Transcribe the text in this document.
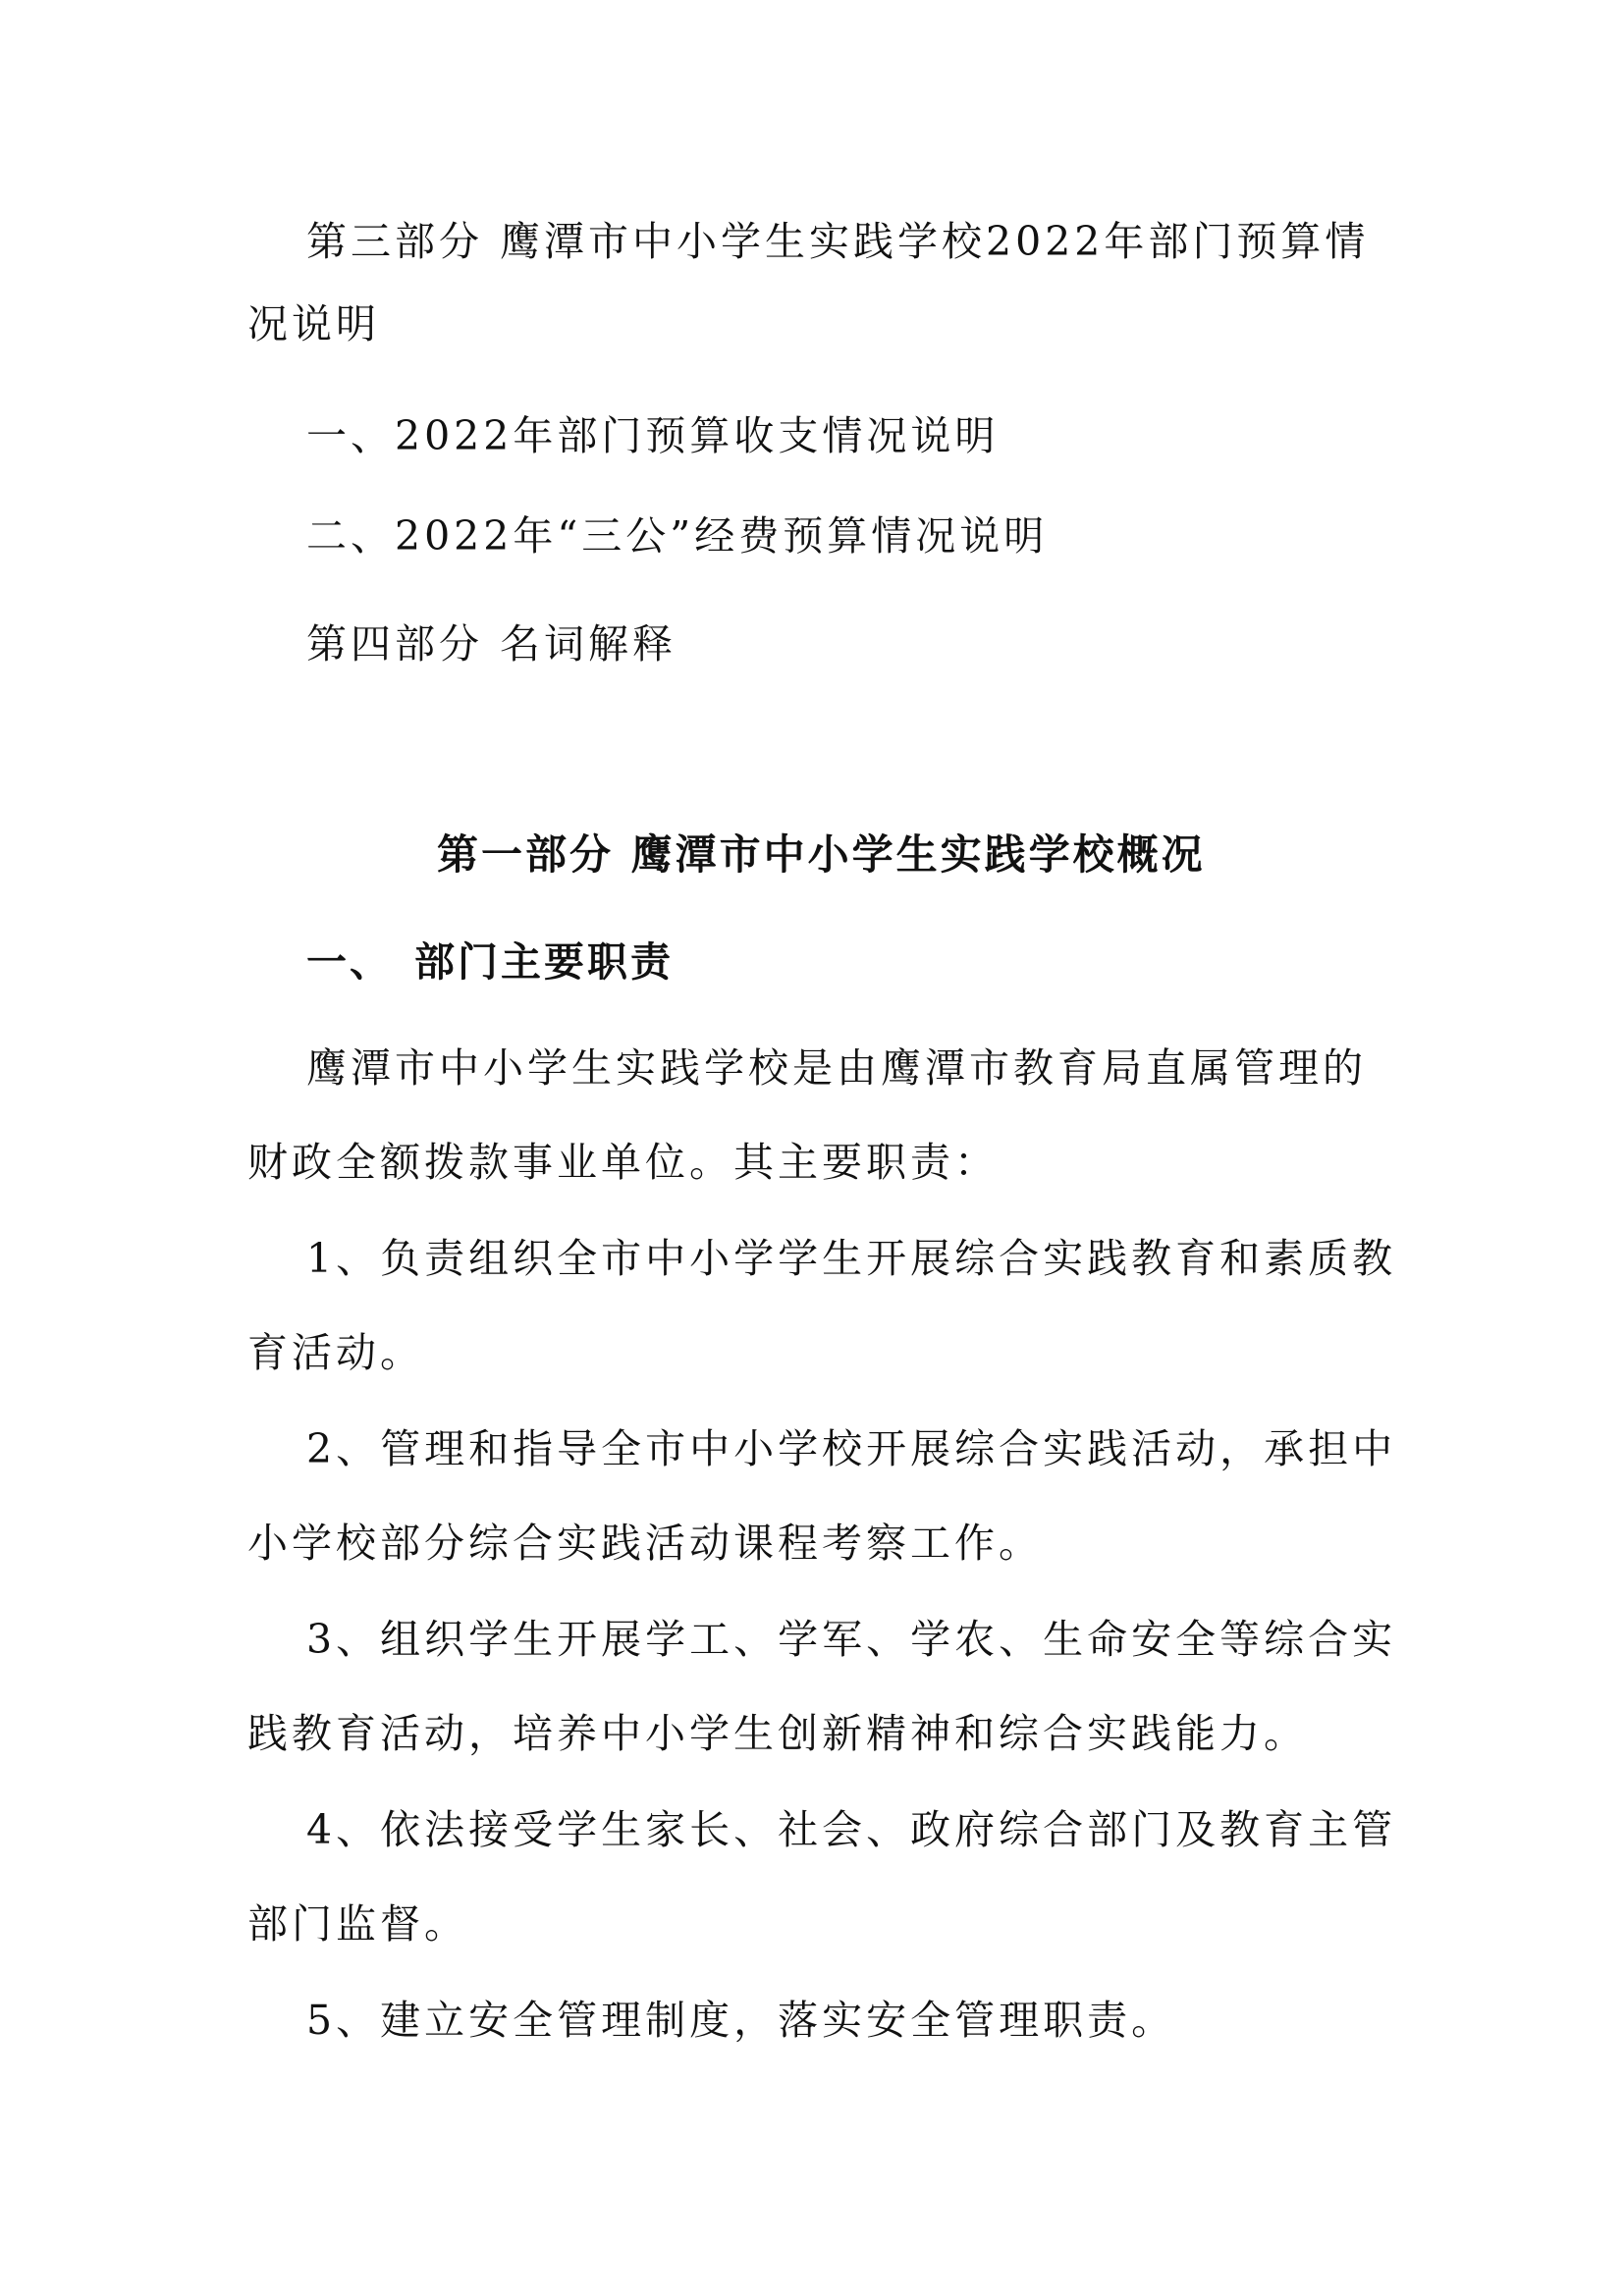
第三部分 鹰潭市中小学生实践学校2022年部门预算情
况说明
一、2022年部门预算收支情况说明
二、2022年“三公”经费预算情况说明
第四部分 名词解释
第一部分 鹰潭市中小学生实践学校概况
一、 部门主要职责
鹰潭市中小学生实践学校是由鹰潭市教育局直属管理的
财政全额拨款事业单位。其主要职责：
1、负责组织全市中小学学生开展综合实践教育和素质教
育活动。
2、管理和指导全市中小学校开展综合实践活动，承担中
小学校部分综合实践活动课程考察工作。
3、组织学生开展学工、学军、学农、生命安全等综合实
践教育活动，培养中小学生创新精神和综合实践能力。
4、依法接受学生家长、社会、政府综合部门及教育主管
部门监督。
5、建立安全管理制度，落实安全管理职责。
